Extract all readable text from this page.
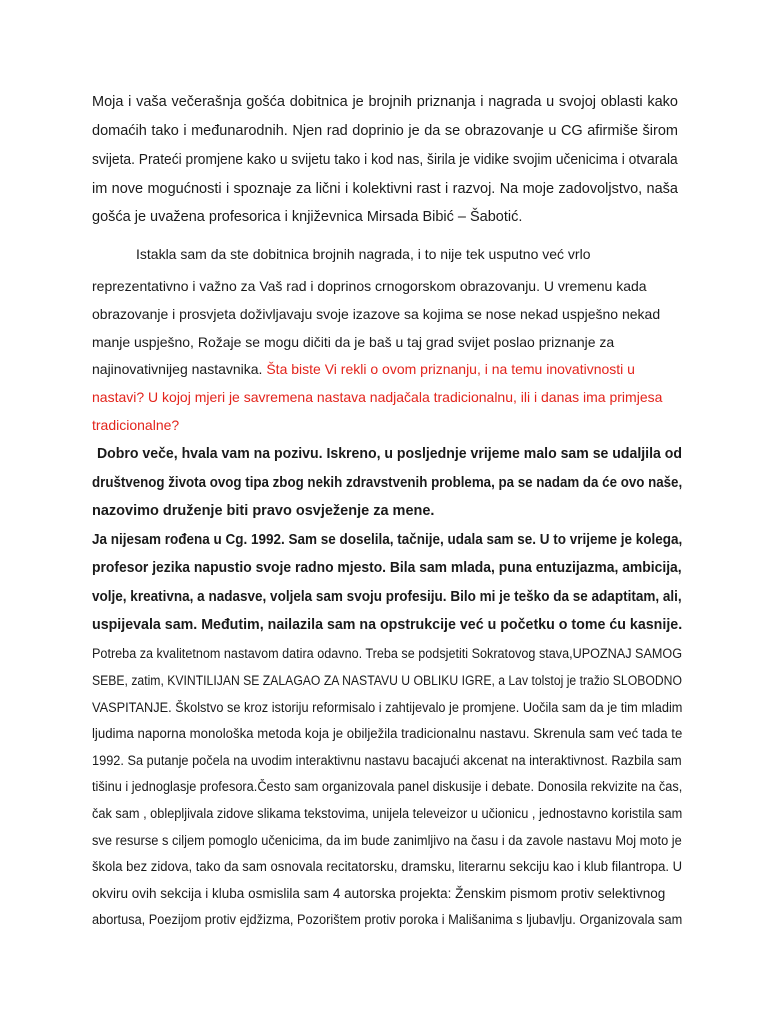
Moja i vaša večerašnja gošća dobitnica je brojnih priznanja i nagrada u svojoj oblasti kako
domaćih tako i međunarodnih. Njen rad doprinio je da se obrazovanje u CG afirmiše širom
svijeta. Prateći promjene kako u svijetu tako i kod nas, širila je vidike svojim učenicima i otvarala
im nove mogućnosti i spoznaje za lični i kolektivni rast i razvoj. Na moje zadovoljstvo, naša
gošća je uvažena profesorica i književnica Mirsada Bibić – Šabotić.
Istakla sam da ste dobitnica brojnih nagrada, i to nije tek usputno već vrlo
reprezentativno i važno za Vaš rad i doprinos crnogorskom obrazovanju. U vremenu kada
obrazovanje i prosvjeta doživljavaju svoje izazove sa kojima se nose nekad uspješno nekad
manje uspješno, Rožaje se mogu dičiti da je baš u taj grad svijet poslao priznanje za
najinovativnijeg nastavnika. Šta biste Vi rekli o ovom priznanju, i na temu inovativnosti u
nastavi? U kojoj mjeri je savremena nastava nadjačala tradicionalnu, ili i danas ima primjesa
tradicionalne?
Dobro veče, hvala vam na pozivu. Iskreno, u posljednje vrijeme malo sam se udaljila od
društvenog života ovog tipa zbog nekih zdravstvenih problema, pa se nadam da će ovo naše,
nazovimo druženje biti pravo osvježenje za mene.
Ja nijesam rođena u Cg. 1992. Sam se doselila, tačnije, udala sam se. U to vrijeme je kolega,
profesor jezika napustio svoje radno mjesto. Bila sam mlada, puna entuzijazma, ambicija,
volje, kreativna, a nadasve, voljela sam svoju profesiju. Bilo mi je teško da se adaptitam, ali,
uspijevala sam. Međutim, nailazila sam na opstrukcije već u početku o tome ću kasnije.
Potreba za kvalitetnom nastavom datira odavno. Treba se podsjetiti Sokratovog stava,UPOZNAJ SAMOG
SEBE, zatim, KVINTILIJAN SE ZALAGAO ZA NASTAVU U OBLIKU IGRE, a Lav tolstoj je tražio SLOBODNO
VASPITANJE. Školstvo se kroz istoriju reformisalo i zahtijevalo je promjene. Uočila sam da je tim mladim
ljudima naporna monološka metoda koja je obilježila tradicionalnu nastavu. Skrenula sam već tada te
1992. Sa putanje počela na uvodim interaktivnu nastavu bacajući akcenat na interaktivnost. Razbila sam
tišinu i jednoglasje profesora.Često sam organizovala panel diskusije i debate. Donosila rekvizite na čas,
čak sam , oblepljivala zidove slikama tekstovima, unijela televeizor u učionicu , jednostavno koristila sam
sve resurse s ciljem pomoglo učenicima, da im bude zanimljivo na času i da zavole nastavu Moj moto je
škola bez zidova, tako da sam osnovala recitatorsku, dramsku, literarnu sekciju kao i klub filantropa. U
okviru ovih sekcija i kluba osmislila sam 4 autorska projekta: Ženskim pismom protiv selektivnog
abortusa, Poezijom protiv ejdžizma, Pozorištem protiv poroka i Mališanima s ljubavlju. Organizovala sam
